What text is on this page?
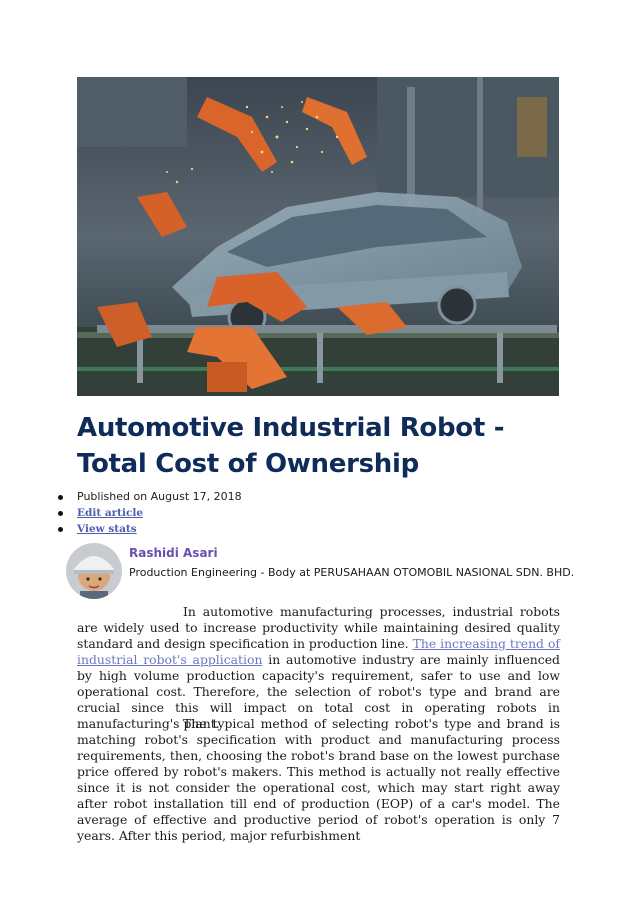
Automotive Industrial Robot - Total Cost of Ownership
Published on August 17, 2018
Edit article
View stats
Rashidi Asari
Production Engineering - Body at PERUSAHAAN OTOMOBIL NASIONAL SDN. BHD.

In automotive manufacturing processes, industrial robots are widely used to increase productivity while maintaining desired quality standard and design specification in production line. The increasing trend of industrial robot's application in automotive industry are mainly influenced by high volume production capacity's requirement, safer to use and low operational cost. Therefore, the selection of robot's type and brand are crucial since this will impact on total cost in operating robots in manufacturing's plant.

The typical method of selecting robot's type and brand is matching robot's specification with product and manufacturing process requirements, then, choosing the robot's brand base on the lowest purchase price offered by robot's makers. This method is actually not really effective since it is not consider the operational cost, which may start right away after robot installation till end of production (EOP) of a car's model. The average of effective and productive period of robot's operation is only 7 years. After this period, major refurbishment
